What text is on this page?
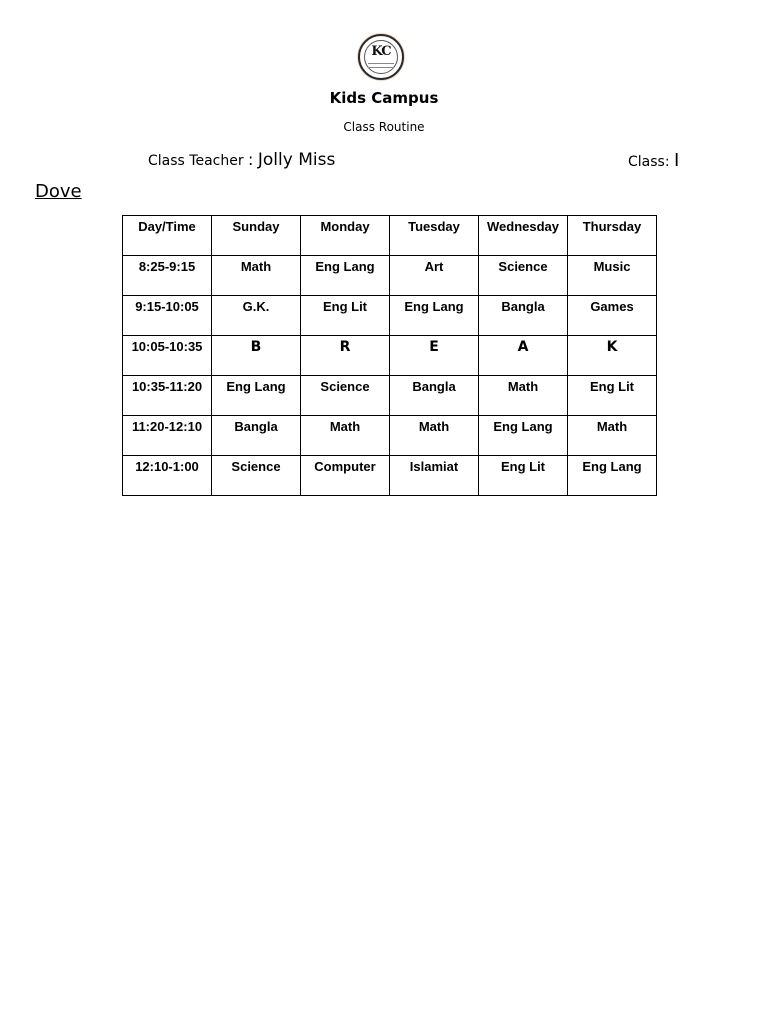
KC
Kids Campus
Class Routine
Class Teacher : Jolly Miss	Class: I
Dove
Day/Time	Sunday	Monday	Tuesday	Wednesday	Thursday
8:25-9:15	Math	Eng Lang	Art	Science	Music
9:15-10:05	G.K.	Eng Lit	Eng Lang	Bangla	Games
10:05-10:35	B	R	E	A	K
10:35-11:20	Eng Lang	Science	Bangla	Math	Eng Lit
11:20-12:10	Bangla	Math	Math	Eng Lang	Math
12:10-1:00	Science	Computer	Islamiat	Eng Lit	Eng Lang
